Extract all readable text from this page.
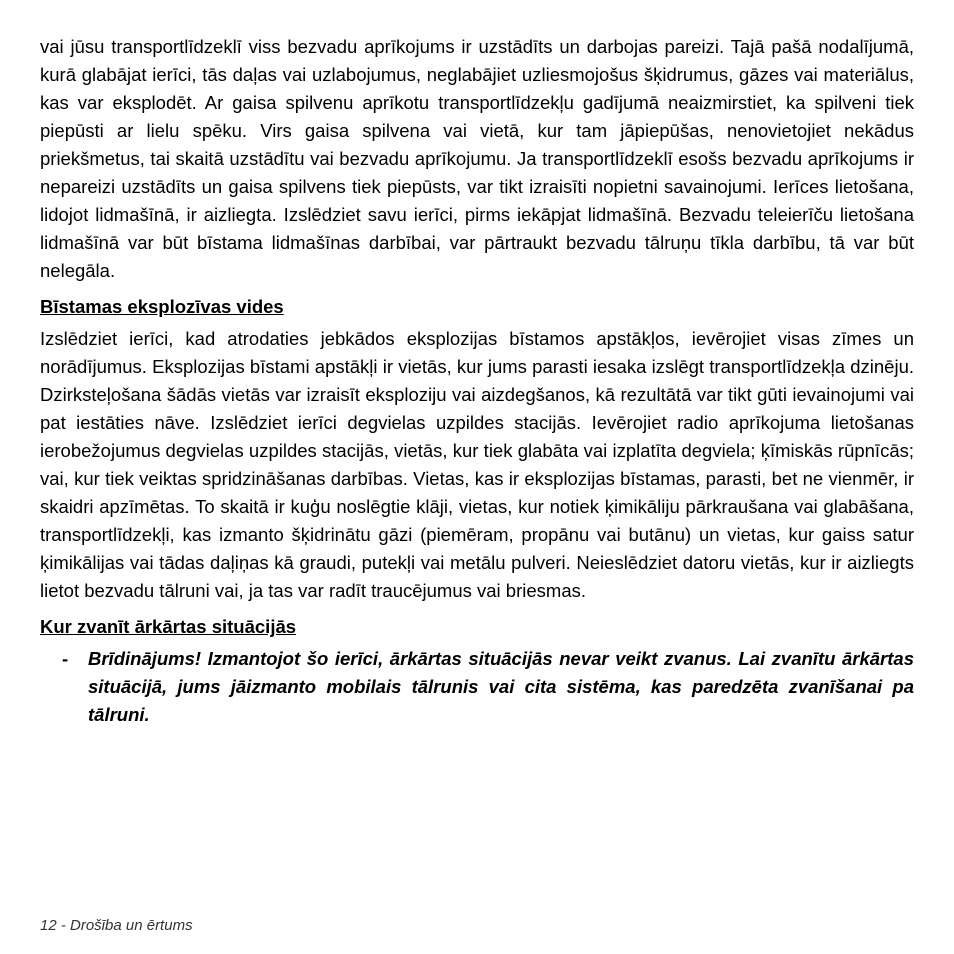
vai jūsu transportlīdzeklī viss bezvadu aprīkojums ir uzstādīts un darbojas pareizi. Tajā pašā nodalījumā, kurā glabājat ierīci, tās daļas vai uzlabojumus, neglabājiet uzliesmojošus šķidrumus, gāzes vai materiālus, kas var eksplodēt. Ar gaisa spilvenu aprīkotu transportlīdzekļu gadījumā neaizmirstiet, ka spilveni tiek piepūsti ar lielu spēku. Virs gaisa spilvena vai vietā, kur tam jāpiepūšas, nenovietojiet nekādus priekšmetus, tai skaitā uzstādītu vai bezvadu aprīkojumu. Ja transportlīdzeklī esošs bezvadu aprīkojums ir nepareizi uzstādīts un gaisa spilvens tiek piepūsts, var tikt izraisīti nopietni savainojumi. Ierīces lietošana, lidojot lidmašīnā, ir aizliegta. Izslēdziet savu ierīci, pirms iekāpjat lidmašīnā. Bezvadu teleierīču lietošana lidmašīnā var būt bīstama lidmašīnas darbībai, var pārtraukt bezvadu tālruņu tīkla darbību, tā var būt nelegāla.

Bīstamas eksplozīvas vides

Izslēdziet ierīci, kad atrodaties jebkādos eksplozijas bīstamos apstākļos, ievērojiet visas zīmes un norādījumus. Eksplozijas bīstami apstākļi ir vietās, kur jums parasti iesaka izslēgt transportlīdzekļa dzinēju. Dzirksteļošana šādās vietās var izraisīt eksploziju vai aizdegšanos, kā rezultātā var tikt gūti ievainojumi vai pat iestāties nāve. Izslēdziet ierīci degvielas uzpildes stacijās. Ievērojiet radio aprīkojuma lietošanas ierobežojumus degvielas uzpildes stacijās, vietās, kur tiek glabāta vai izplatīta degviela; ķīmiskās rūpnīcās; vai, kur tiek veiktas spridzināšanas darbības. Vietas, kas ir eksplozijas bīstamas, parasti, bet ne vienmēr, ir skaidri apzīmētas. To skaitā ir kuģu noslēgtie klāji, vietas, kur notiek ķimikāliju pārkraušana vai glabāšana, transportlīdzekļi, kas izmanto šķidrinātu gāzi (piemēram, propānu vai butānu) un vietas, kur gaiss satur ķimikālijas vai tādas daļiņas kā graudi, putekļi vai metālu pulveri. Neieslēdziet datoru vietās, kur ir aizliegts lietot bezvadu tālruni vai, ja tas var radīt traucējumus vai briesmas.

Kur zvanīt ārkārtas situācijās
-	Brīdinājums! Izmantojot šo ierīci, ārkārtas situācijās nevar veikt zvanus. Lai zvanītu ārkārtas situācijā, jums jāizmanto mobilais tālrunis vai cita sistēma, kas paredzēta zvanīšanai pa tālruni.
12 - Drošība un ērtums
